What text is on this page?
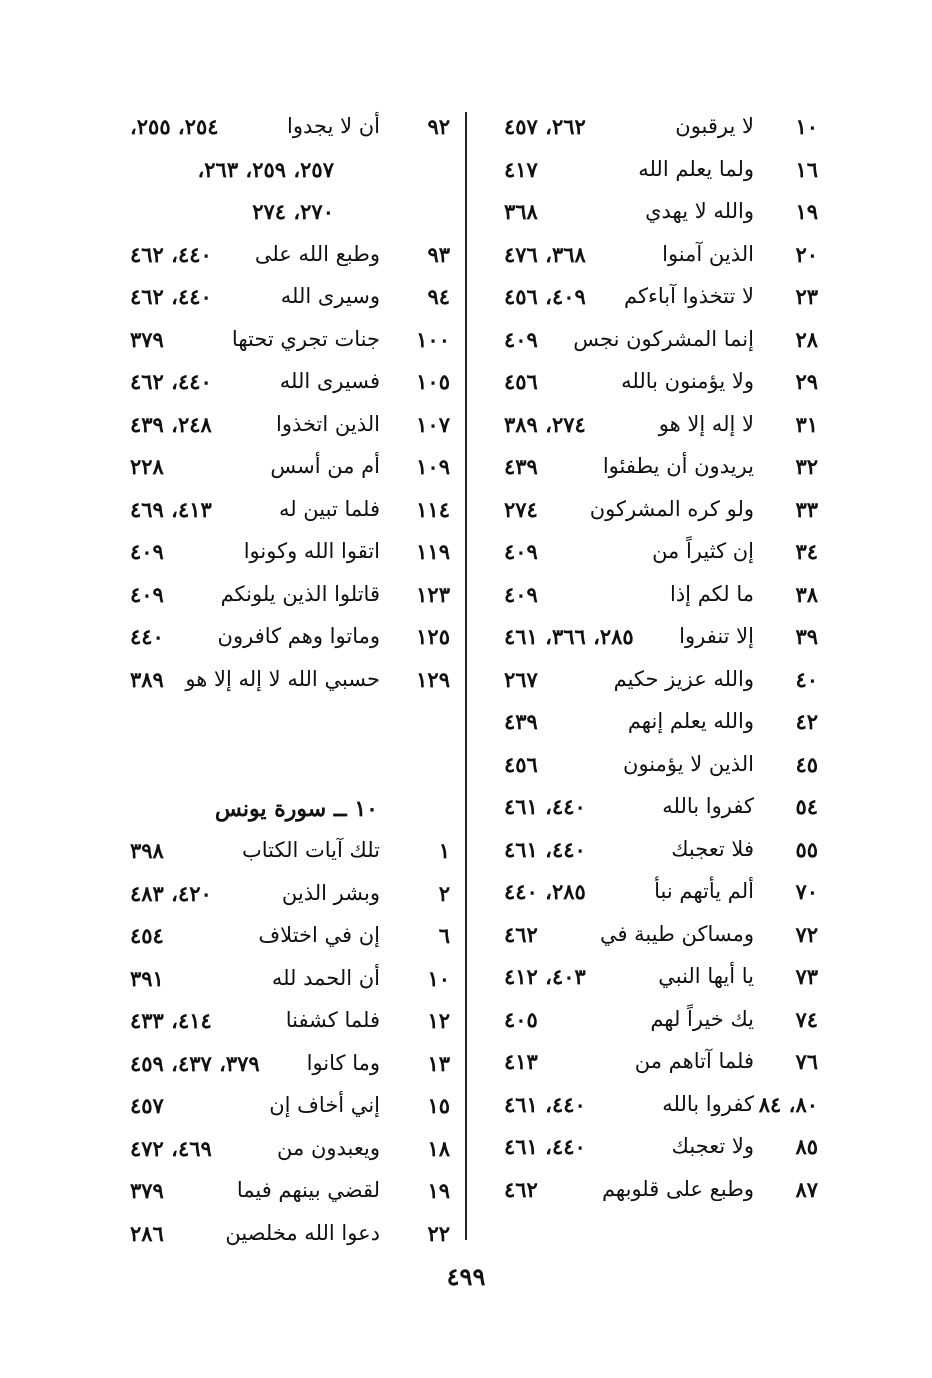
١٠
لا يرقبون
٢٦٢، ٤٥٧
١٦
ولما يعلم الله
٤١٧
١٩
والله لا يهدي
٣٦٨
٢٠
الذين آمنوا
٣٦٨، ٤٧٦
٢٣
لا تتخذوا آباءكم
٤٠٩، ٤٥٦
٢٨
إنما المشركون نجس
٤٠٩
٢٩
ولا يؤمنون بالله
٤٥٦
٣١
لا إله إلا هو
٢٧٤، ٣٨٩
٣٢
يريدون أن يطفئوا
٤٣٩
٣٣
ولو كره المشركون
٢٧٤
٣٤
إن كثيراً من
٤٠٩
٣٨
ما لكم إذا
٤٠٩
٣٩
إلا تنفروا
٢٨٥، ٣٦٦، ٤٦١
٤٠
والله عزيز حكيم
٢٦٧
٤٢
والله يعلم إنهم
٤٣٩
٤٥
الذين لا يؤمنون
٤٥٦
٥٤
كفروا بالله
٤٤٠، ٤٦١
٥٥
فلا تعجبك
٤٤٠، ٤٦١
٧٠
ألم يأتهم نبأ
٢٨٥، ٤٤٠
٧٢
ومساكن طيبة في
٤٦٢
٧٣
يا أيها النبي
٤٠٣، ٤١٢
٧٤
يك خيراً لهم
٤٠٥
٧٦
فلما آتاهم من
٤١٣
٨٠، ٨٤
كفروا بالله
٤٤٠، ٤٦١
٨٥
ولا تعجبك
٤٤٠، ٤٦١
٨٧
وطبع على قلوبهم
٤٦٢
٩٢
أن لا يجدوا
٢٥٤، ٢٥٥،
٢٥٧، ٢٥٩، ٢٦٣،
٢٧٠، ٢٧٤
٩٣
وطبع الله على
٤٤٠، ٤٦٢
٩٤
وسيرى الله
٤٤٠، ٤٦٢
١٠٠
جنات تجري تحتها
٣٧٩
١٠٥
فسيرى الله
٤٤٠، ٤٦٢
١٠٧
الذين اتخذوا
٢٤٨، ٤٣٩
١٠٩
أم من أسس
٢٢٨
١١٤
فلما تبين له
٤١٣، ٤٦٩
١١٩
اتقوا الله وكونوا
٤٠٩
١٢٣
قاتلوا الذين يلونكم
٤٠٩
١٢٥
وماتوا وهم كافرون
٤٤٠
١٢٩
حسبي الله لا إله إلا هو
٣٨٩
١٠ ــ سورة يونس
١
تلك آيات الكتاب
٣٩٨
٢
وبشر الذين
٤٢٠، ٤٨٣
٦
إن في اختلاف
٤٥٤
١٠
أن الحمد لله
٣٩١
١٢
فلما كشفنا
٤١٤، ٤٣٣
١٣
وما كانوا
٣٧٩، ٤٣٧، ٤٥٩
١٥
إني أخاف إن
٤٥٧
١٨
ويعبدون من
٤٦٩، ٤٧٢
١٩
لقضي بينهم فيما
٣٧٩
٢٢
دعوا الله مخلصين
٢٨٦
٤٩٩
